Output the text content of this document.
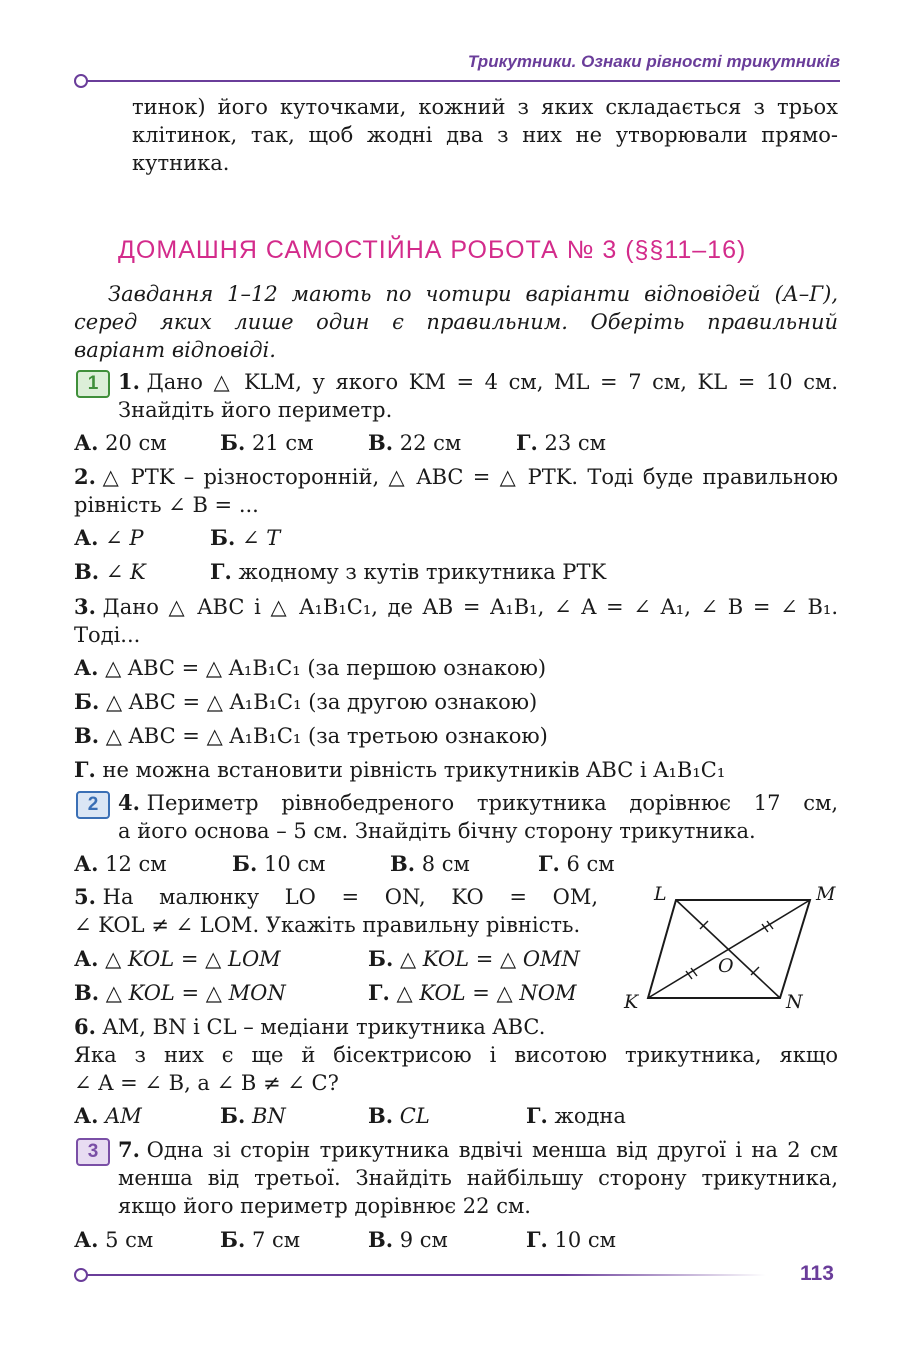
Трикутники. Ознаки рівності трикутників
тинок) його куточками, кожний з яких складається з трьох
клітинок, так, щоб жодні два з них не утворювали прямо-
кутника.
ДОМАШНЯ САМОСТІЙНА РОБОТА № 3 (§§11–16)
Завдання 1–12 мають по чотири варіанти відповідей (А–Г),
серед яких лише один є правильним. Оберіть правильний
варіант відповіді.
1 1 .
Дано △ KLM, у якого KM = 4 см, ML = 7 см, KL = 10 см.
Знайдіть його периметр.
А. 20 см	Б. 21 см	В. 22 см	Г. 23 см
2 .
△ PTK – різносторонній, △ ABC = △ PTK. Тоді буде правильною
рівність ∠ B = ...
А. ∠ P	Б. ∠ T
В. ∠ K	Г. жодному з кутів трикутника PTK
3 .
Дано △ ABC і △ A₁B₁C₁, де AB = A₁B₁, ∠ A = ∠ A₁, ∠ B = ∠ B₁.
Тоді...
А. △ ABC = △ A₁B₁C₁ (за першою ознакою)
Б. △ ABC = △ A₁B₁C₁ (за другою ознакою)
В. △ ABC = △ A₁B₁C₁ (за третьою ознакою)
Г. не можна встановити рівність трикутників ABC і A₁B₁C₁
2 4 .
Периметр рівнобедреного трикутника дорівнює 17 см,
а його основа – 5 см. Знайдіть бічну сторону трикутника.
А. 12 см	Б. 10 см	В. 8 см	Г. 6 см
5 .
На малюнку LO = ON, KO = OM,
∠ KOL ≠ ∠ LOM. Укажіть правильну рівність.
А. △ KOL = △ LOM	Б. △ KOL = △ OMN
В. △ KOL = △ MON	Г. △ KOL = △ NOM
L	M
K	N
O
6. AM, BN і CL – медіани трикутника ABC.
Яка з них є ще й бісектрисою і висотою трикутника, якщо
∠ A = ∠ B, а ∠ B ≠ ∠ C?
А. AM	Б. BN	В. CL	Г. жодна
3 7 .
Одна зі сторін трикутника вдвічі менша від другої і на 2 см
менша від третьої. Знайдіть найбільшу сторону трикутника,
якщо його периметр дорівнює 22 см.
А. 5 см	Б. 7 см	В. 9 см	Г. 10 см
113
